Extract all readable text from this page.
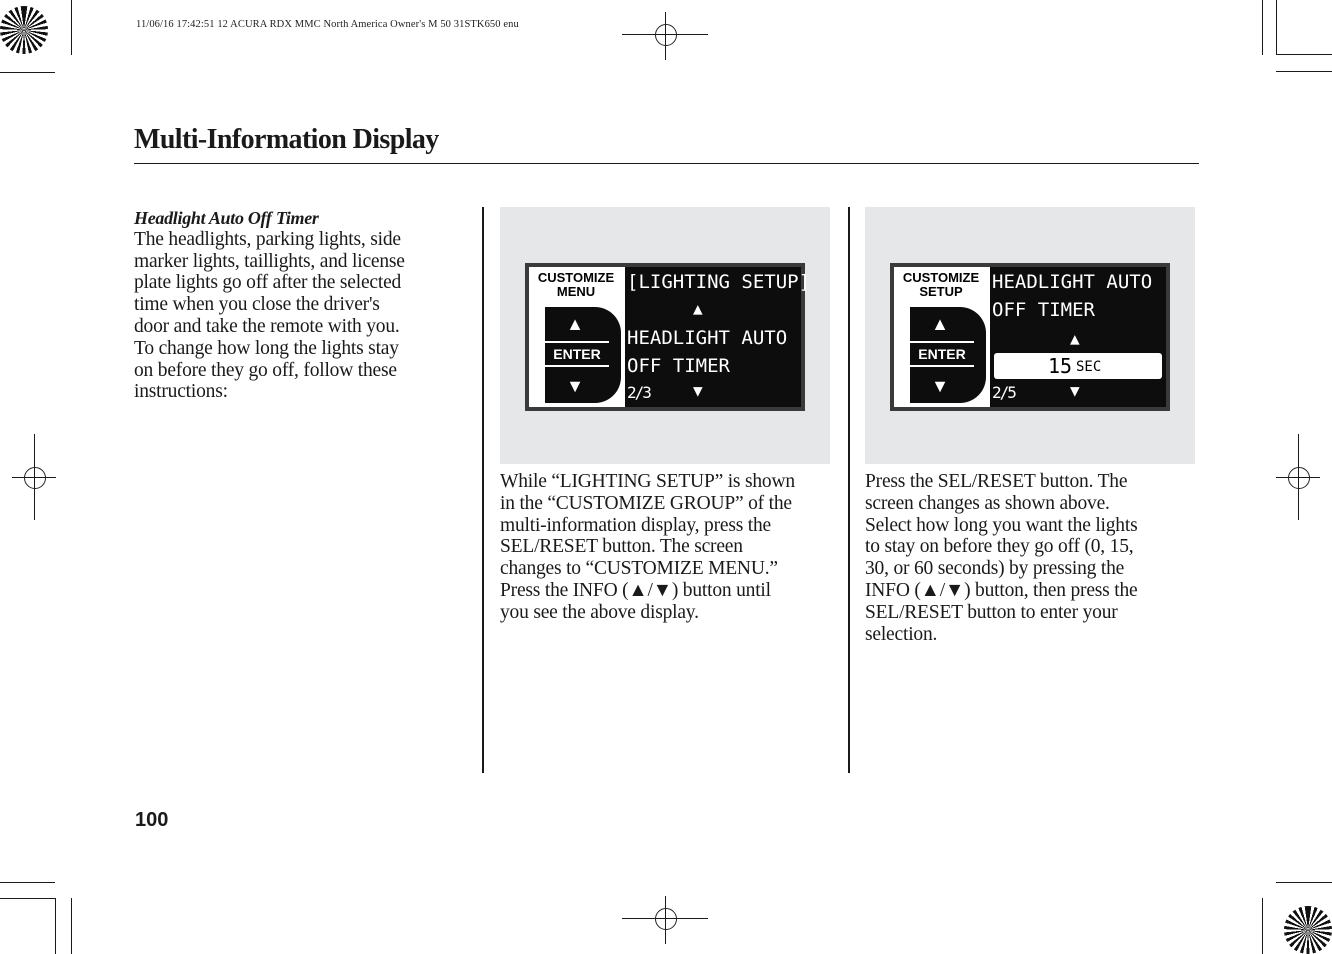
11/06/16 17:42:51 12 ACURA RDX MMC North America Owner's M 50 31STK650 enu
Multi-Information Display
Headlight Auto Off Timer
The headlights, parking lights, side
marker lights, taillights, and license
plate lights go off after the selected
time when you close the driver's
door and take the remote with you.
To change how long the lights stay
on before they go off, follow these
instructions:
CUSTOMIZE
MENU
▲
ENTER
▼
[LIGHTING SETUP]
▲
HEADLIGHT AUTO
OFF TIMER
2/3	▼
While “LIGHTING SETUP” is shown
in the “CUSTOMIZE GROUP” of the
multi-information display, press the
SEL/RESET button. The screen
changes to “CUSTOMIZE MENU.”
Press the INFO (▲/▼) button until
you see the above display.
CUSTOMIZE
SETUP
▲
ENTER
▼
HEADLIGHT AUTO
OFF TIMER
▲
15 SEC
2/5	▼
Press the SEL/RESET button. The
screen changes as shown above.
Select how long you want the lights
to stay on before they go off (0, 15,
30, or 60 seconds) by pressing the
INFO (▲/▼) button, then press the
SEL/RESET button to enter your
selection.
100
